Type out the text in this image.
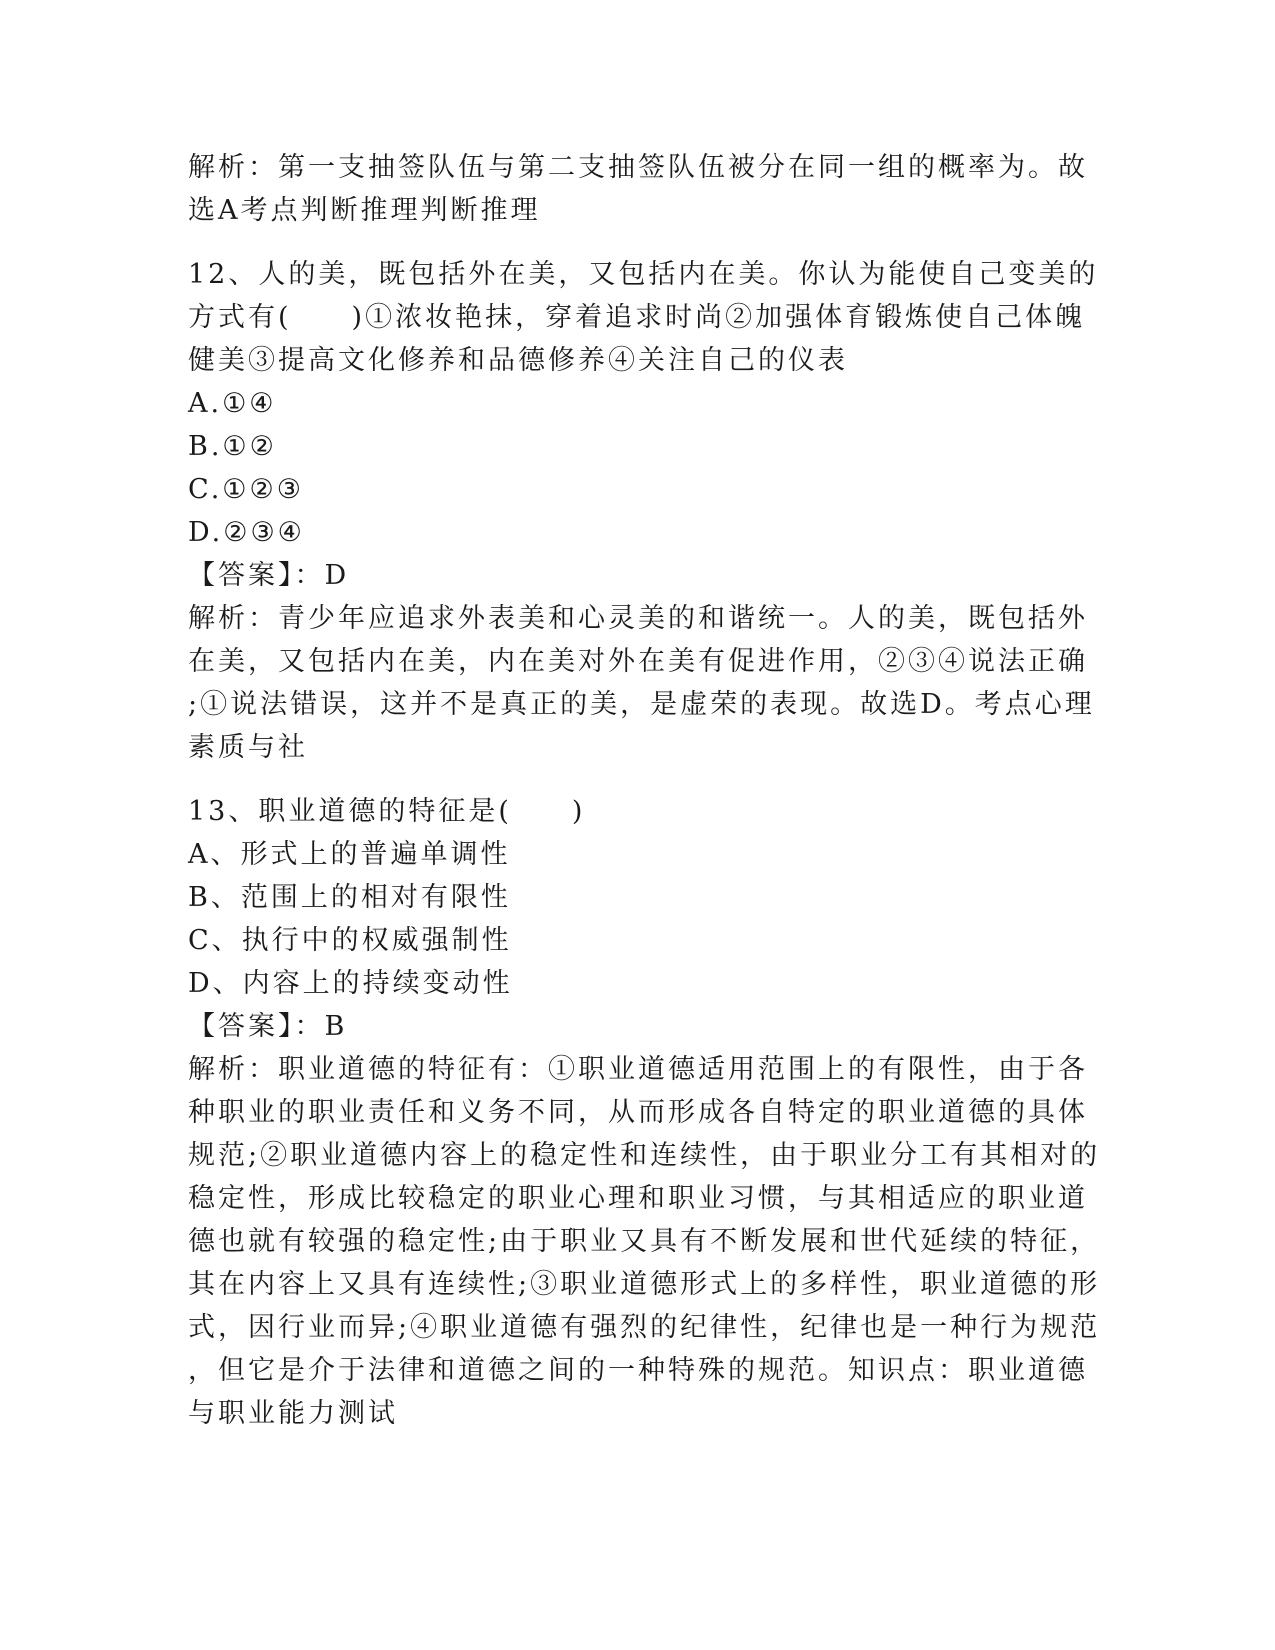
解析：第一支抽签队伍与第二支抽签队伍被分在同一组的概率为。故
选A考点判断推理判断推理
12、人的美，既包括外在美，又包括内在美。你认为能使自己变美的
方式有(　　)①浓妆艳抹，穿着追求时尚②加强体育锻炼使自己体魄
健美③提高文化修养和品德修养④关注自己的仪表
A.①④
B.①②
C.①②③
D.②③④
【答案】：D
解析：青少年应追求外表美和心灵美的和谐统一。人的美，既包括外
在美，又包括内在美，内在美对外在美有促进作用，②③④说法正确
;①说法错误，这并不是真正的美，是虚荣的表现。故选D。考点心理
素质与社
13、职业道德的特征是(　　)
A、形式上的普遍单调性
B、范围上的相对有限性
C、执行中的权威强制性
D、内容上的持续变动性
【答案】：B
解析：职业道德的特征有：①职业道德适用范围上的有限性，由于各
种职业的职业责任和义务不同，从而形成各自特定的职业道德的具体
规范;②职业道德内容上的稳定性和连续性，由于职业分工有其相对的
稳定性，形成比较稳定的职业心理和职业习惯，与其相适应的职业道
德也就有较强的稳定性;由于职业又具有不断发展和世代延续的特征，
其在内容上又具有连续性;③职业道德形式上的多样性，职业道德的形
式，因行业而异;④职业道德有强烈的纪律性，纪律也是一种行为规范
，但它是介于法律和道德之间的一种特殊的规范。知识点：职业道德
与职业能力测试
